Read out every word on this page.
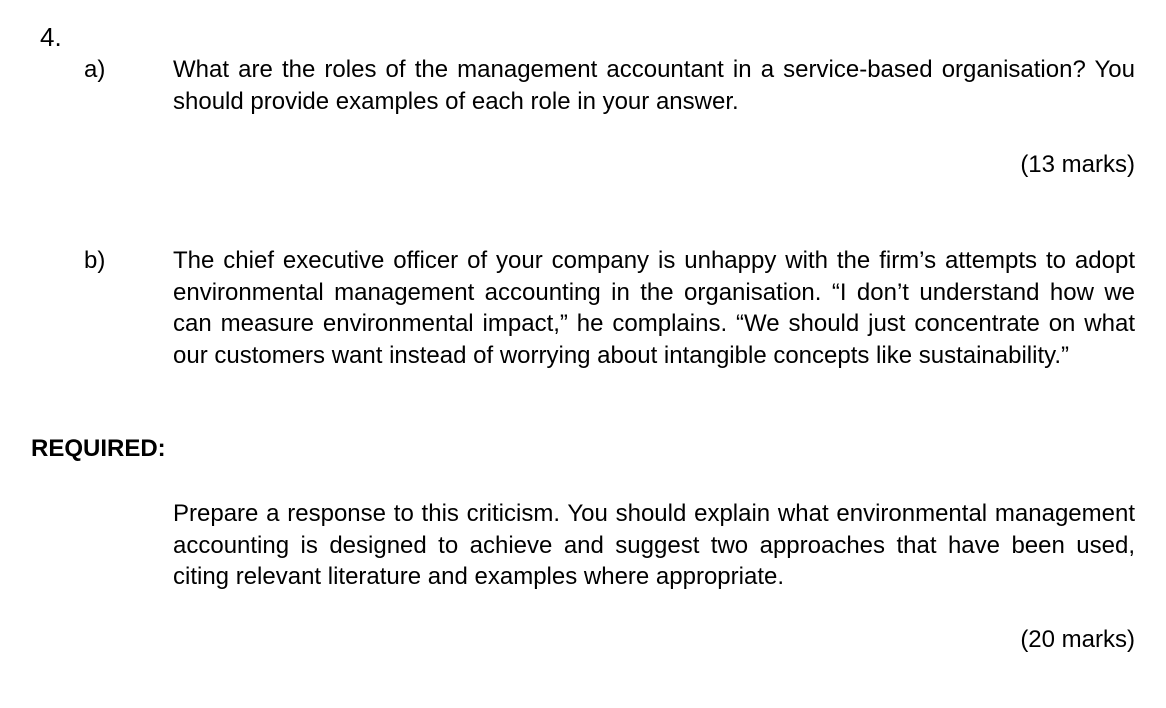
4.
a)	What are the roles of the management accountant in a service-based organisation? You should provide examples of each role in your answer.
(13 marks)
b)	The chief executive officer of your company is unhappy with the firm’s attempts to adopt environmental management accounting in the organisation. “I don’t understand how we can measure environmental impact,” he complains. “We should just concentrate on what our customers want instead of worrying about intangible concepts like sustainability.”
REQUIRED:
Prepare a response to this criticism. You should explain what environmental management accounting is designed to achieve and suggest two approaches that have been used, citing relevant literature and examples where appropriate.
(20 marks)
